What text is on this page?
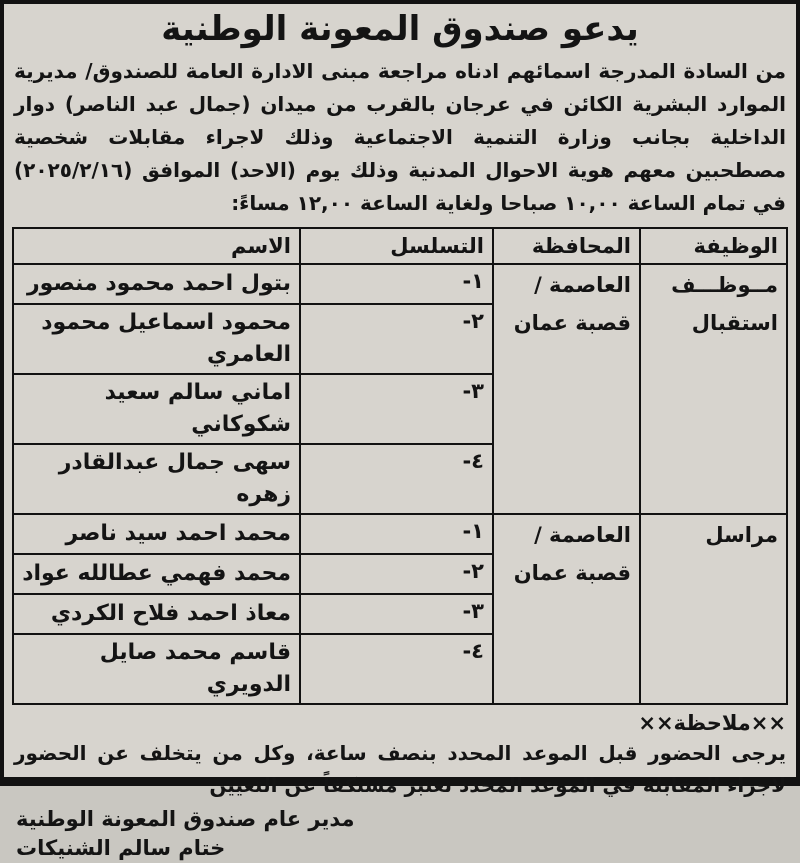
يدعو صندوق المعونة الوطنية
من السادة المدرجة اسمائهم ادناه مراجعة مبنى الادارة العامة للصندوق/ مديرية
الموارد البشرية الكائن في عرجان بالقرب من ميدان (جمال عبد الناصر) دوار
الداخلية بجانب وزارة التنمية الاجتماعية وذلك لاجراء مقابلات شخصية
مصطحبين معهم هوية الاحوال المدنية وذلك يوم (الاحد) الموافق (٢٠٢٥/٢/١٦)
في تمام الساعة ١٠,٠٠ صباحا ولغاية الساعة ١٢,٠٠ مساءً:
الوظيفة	المحافظة	التسلسل	الاسم
مــوظـــف استقبال	العاصمة / قصبة عمان	١-	بتول احمد محمود منصور
		٢-	محمود اسماعيل محمود العامري
		٣-	اماني سالم سعيد شكوكاني
		٤-	سهى جمال عبدالقادر زهره
مراسل	العاصمة / قصبة عمان	١-	محمد احمد سيد ناصر
		٢-	محمد فهمي عطالله عواد
		٣-	معاذ احمد فلاح الكردي
		٤-	قاسم محمد صايل الدويري
××ملاحظة××
يرجى الحضور قبل الموعد المحدد بنصف ساعة، وكل من يتخلف عن الحضور
لاجراء المقابلة في الموعد المحدد تعتبر مستكفاً عن التعيين
مدير عام صندوق المعونة الوطنية
ختام سالم الشنيكات
